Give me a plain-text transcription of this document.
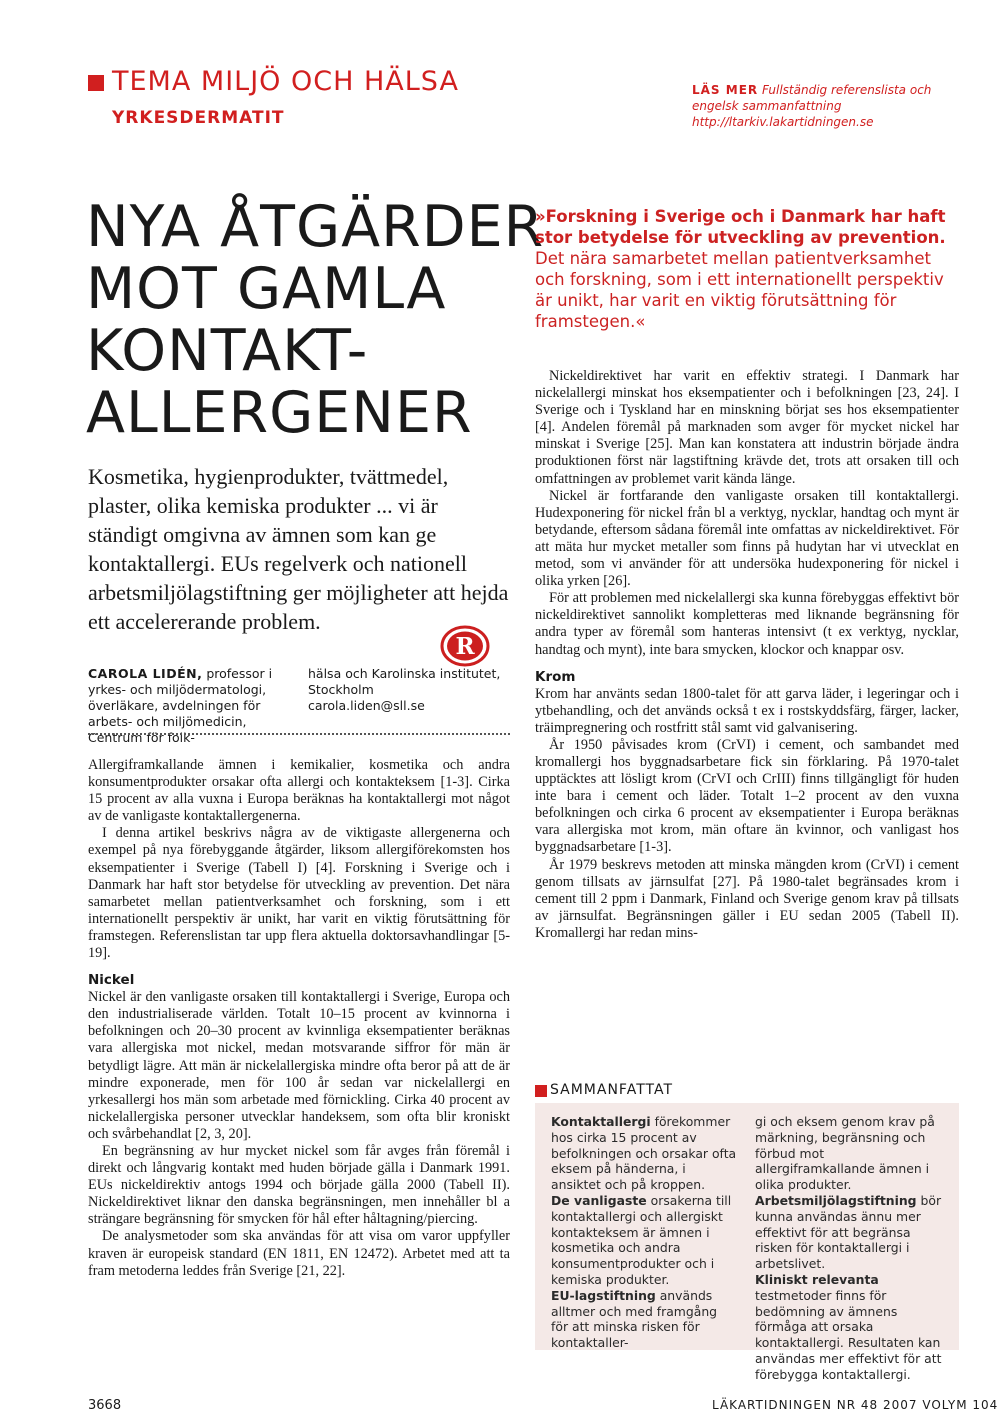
TEMA MILJÖ OCH HÄLSA
YRKESDERMATIT
LÄS MER Fullständig referenslista och engelsk sammanfattning
http://ltarkiv.lakartidningen.se
NYA ÅTGÄRDER
MOT GAMLA
KONTAKT-
ALLERGENER
Kosmetika, hygienprodukter, tvättmedel, plaster, olika kemiska produkter ... vi är ständigt omgivna av ämnen som kan ge kontaktallergi. EUs regelverk och nationell arbetsmiljölagstiftning ger möjligheter att hejda ett accelererande problem.
R
CAROLA LIDÉN, professor i yrkes- och miljödermatologi, överläkare, avdelningen för arbets- och miljömedicin, Centrum för folk-
hälsa och Karolinska institutet, Stockholm
carola.liden@sll.se

Allergiframkallande ämnen i kemikalier, kosmetika och andra konsumentprodukter orsakar ofta allergi och kontakteksem [1-3]. Cirka 15 procent av alla vuxna i Europa beräknas ha kontaktallergi mot något av de vanligaste kontaktallergenerna.

I denna artikel beskrivs några av de viktigaste allergenerna och exempel på nya förebyggande åtgärder, liksom allergiförekomsten hos eksempatienter i Sverige (Tabell I) [4]. Forskning i Sverige och i Danmark har haft stor betydelse för utveckling av prevention. Det nära samarbetet mellan patientverksamhet och forskning, som i ett internationellt perspektiv är unikt, har varit en viktig förutsättning för framstegen. Referenslistan tar upp flera aktuella doktorsavhandlingar [5-19].

Nickel

Nickel är den vanligaste orsaken till kontaktallergi i Sverige, Europa och den industrialiserade världen. Totalt 10–15 procent av kvinnorna i befolkningen och 20–30 procent av kvinnliga eksempatienter beräknas vara allergiska mot nickel, medan motsvarande siffror för män är betydligt lägre. Att män är nickelallergiska mindre ofta beror på att de är mindre exponerade, men för 100 år sedan var nickelallergi en yrkesallergi hos män som arbetade med förnickling. Cirka 40 procent av nickelallergiska personer utvecklar handeksem, som ofta blir kroniskt och svårbehandlat [2, 3, 20].

En begränsning av hur mycket nickel som får avges från föremål i direkt och långvarig kontakt med huden började gälla i Danmark 1991. EUs nickeldirektiv antogs 1994 och började gälla 2000 (Tabell II). Nickeldirektivet liknar den danska begränsningen, men innehåller bl a strängare begränsning för smycken för hål efter håltagning/piercing.

De analysmetoder som ska användas för att visa om varor uppfyller kraven är europeisk standard (EN 1811, EN 12472). Arbetet med att ta fram metoderna leddes från Sverige [21, 22].

»Forskning i Sverige och i Danmark har haft stor betydelse för utveckling av prevention. Det nära samarbetet mellan patientverksamhet och forskning, som i ett internationellt perspektiv är unikt, har varit en viktig förutsättning för framstegen.«

Nickeldirektivet har varit en effektiv strategi. I Danmark har nickelallergi minskat hos eksempatienter och i befolkningen [23, 24]. I Sverige och i Tyskland har en minskning börjat ses hos eksempatienter [4]. Andelen föremål på marknaden som avger för mycket nickel har minskat i Sverige [25]. Man kan konstatera att industrin började ändra produktionen först när lagstiftning krävde det, trots att orsaken till och omfattningen av problemet varit kända länge.

Nickel är fortfarande den vanligaste orsaken till kontaktallergi. Hudexponering för nickel från bl a verktyg, nycklar, handtag och mynt är betydande, eftersom sådana föremål inte omfattas av nickeldirektivet. För att mäta hur mycket metaller som finns på hudytan har vi utvecklat en metod, som vi använder för att undersöka hudexponering för nickel i olika yrken [26].

För att problemen med nickelallergi ska kunna förebyggas effektivt bör nickeldirektivet sannolikt kompletteras med liknande begränsning för andra typer av föremål som hanteras intensivt (t ex verktyg, nycklar, handtag och mynt), inte bara smycken, klockor och knappar osv.

Krom

Krom har använts sedan 1800-talet för att garva läder, i legeringar och i ytbehandling, och det används också t ex i rostskyddsfärg, färger, lacker, träimpregnering och rostfritt stål samt vid galvanisering.

År 1950 påvisades krom (CrVI) i cement, och sambandet med kromallergi hos byggnadsarbetare fick sin förklaring. På 1970-talet upptäcktes att lösligt krom (CrVI och CrIII) finns tillgängligt för huden inte bara i cement och läder. Totalt 1–2 procent av den vuxna befolkningen och cirka 6 procent av eksempatienter i Europa beräknas vara allergiska mot krom, män oftare än kvinnor, och vanligast hos byggnadsarbetare [1-3].

År 1979 beskrevs metoden att minska mängden krom (CrVI) i cement genom tillsats av järnsulfat [27]. På 1980-talet begränsades krom i cement till 2 ppm i Danmark, Finland och Sverige genom krav på tillsats av järnsulfat. Begränsningen gäller i EU sedan 2005 (Tabell II). Kromallergi har redan mins-

SAMMANFATTAT
Kontaktallergi förekommer hos cirka 15 procent av befolkningen och orsakar ofta eksem på händerna, i ansiktet och på kroppen.
De vanligaste orsakerna till kontaktallergi och allergiskt kontakteksem är ämnen i kosmetika och andra konsumentprodukter och i kemiska produkter.
EU-lagstiftning används alltmer och med framgång för att minska risken för kontaktaller-
gi och eksem genom krav på märkning, begränsning och förbud mot allergiframkallande ämnen i olika produkter.
Arbetsmiljölagstiftning bör kunna användas ännu mer effektivt för att begränsa risken för kontaktallergi i arbetslivet.
Kliniskt relevanta testmetoder finns för bedömning av ämnens förmåga att orsaka kontaktallergi. Resultaten kan användas mer effektivt för att förebygga kontaktallergi.
3668	LÄKARTIDNINGEN NR 48 2007 VOLYM 104
